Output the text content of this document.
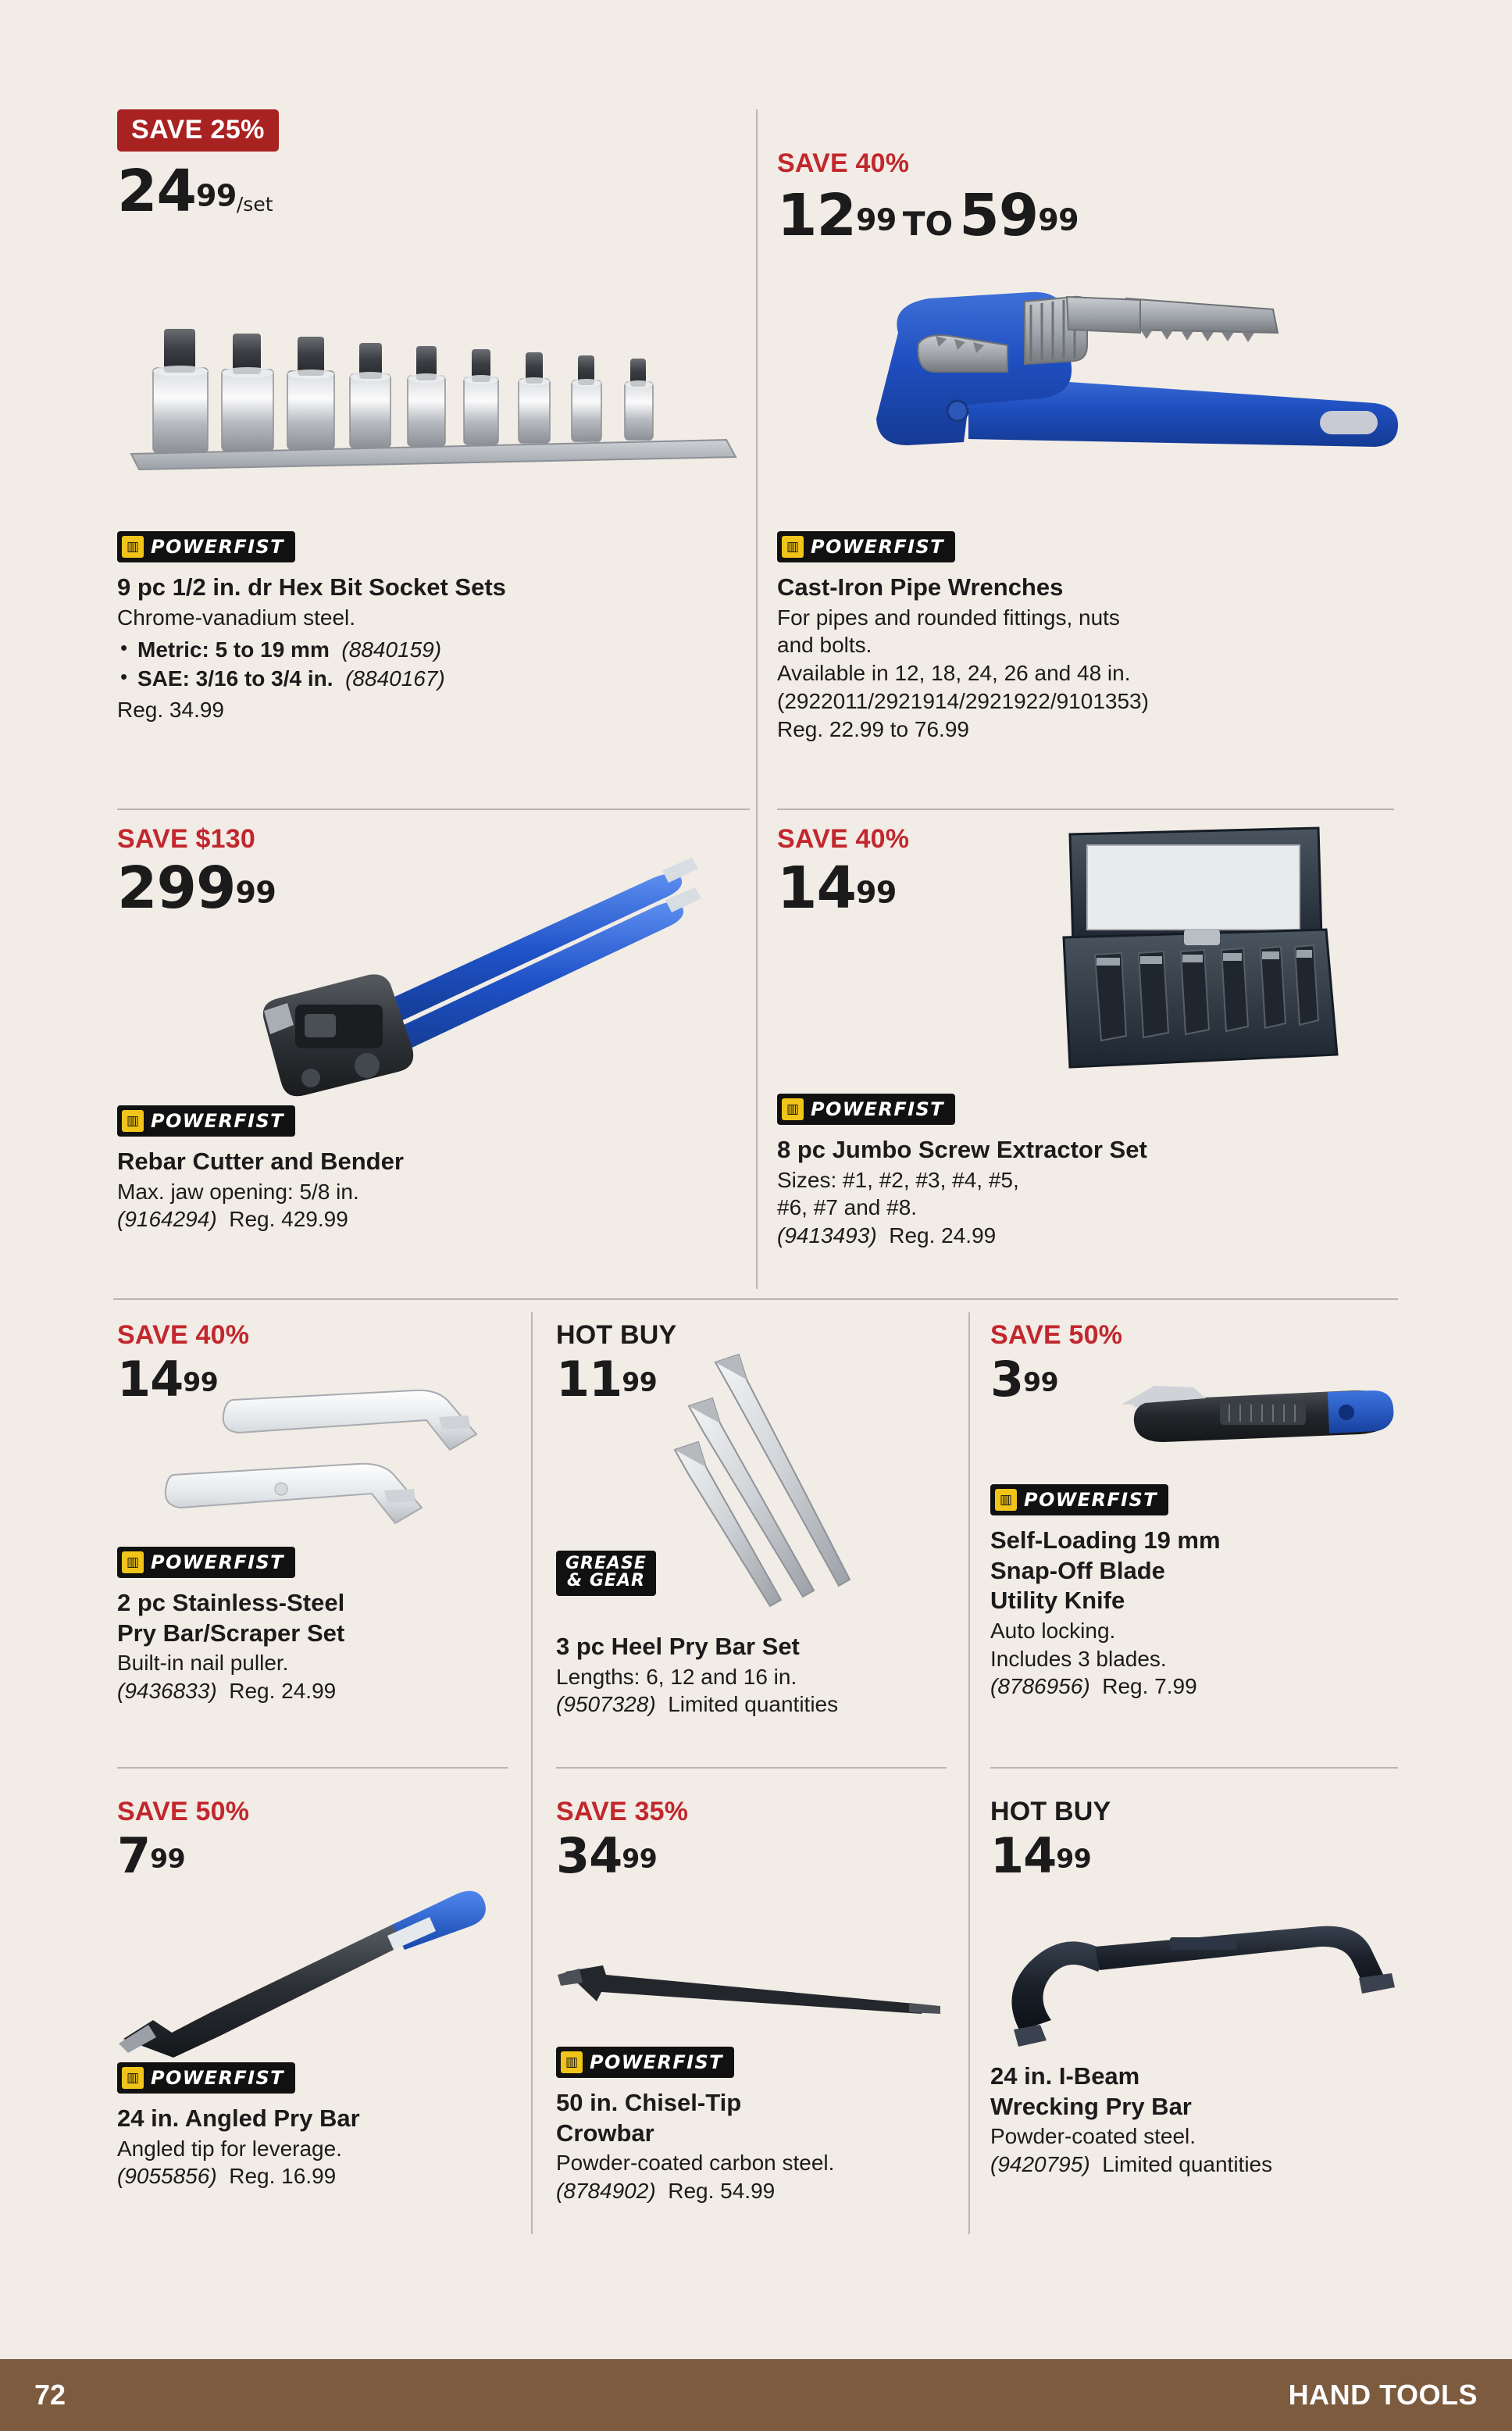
SAVE 25%
2499/set
▥ POWERFIST
9 pc 1/2 in. dr Hex Bit Socket Sets

Chrome-vanadium steel.

• Metric: 5 to 19 mm (8840159)
• SAE: 3/16 to 3/4 in. (8840167)

Reg. 34.99

SAVE 40%
1299 TO 5999
▥ POWERFIST
Cast-Iron Pipe Wrenches

For pipes and rounded fittings, nuts

and bolts.

Available in 12, 18, 24, 26 and 48 in.

(2922011/2921914/2921922/9101353)

Reg. 22.99 to 76.99

SAVE $130
29999
▥ POWERFIST
Rebar Cutter and Bender

Max. jaw opening: 5/8 in.

(9164294) Reg. 429.99

SAVE 40%
1499
▥ POWERFIST
8 pc Jumbo Screw Extractor Set

Sizes: #1, #2, #3, #4, #5,

#6, #7 and #8.

(9413493) Reg. 24.99

SAVE 40%
1499
▥ POWERFIST
2 pc Stainless-Steel
Pry Bar/Scraper Set

Built-in nail puller.

(9436833) Reg. 24.99

HOT BUY
1199
GREASE
& GEAR
3 pc Heel Pry Bar Set

Lengths: 6, 12 and 16 in.

(9507328) Limited quantities

SAVE 50%
399
▥ POWERFIST
Self-Loading 19 mm
Snap-Off Blade
Utility Knife

Auto locking.

Includes 3 blades.

(8786956) Reg. 7.99

SAVE 50%
799
▥ POWERFIST
24 in. Angled Pry Bar

Angled tip for leverage.

(9055856) Reg. 16.99

SAVE 35%
3499
▥ POWERFIST
50 in. Chisel-Tip
Crowbar

Powder-coated carbon steel.

(8784902) Reg. 54.99

HOT BUY
1499
24 in. I-Beam
Wrecking Pry Bar

Powder-coated steel.

(9420795) Limited quantities

72	HAND TOOLS
